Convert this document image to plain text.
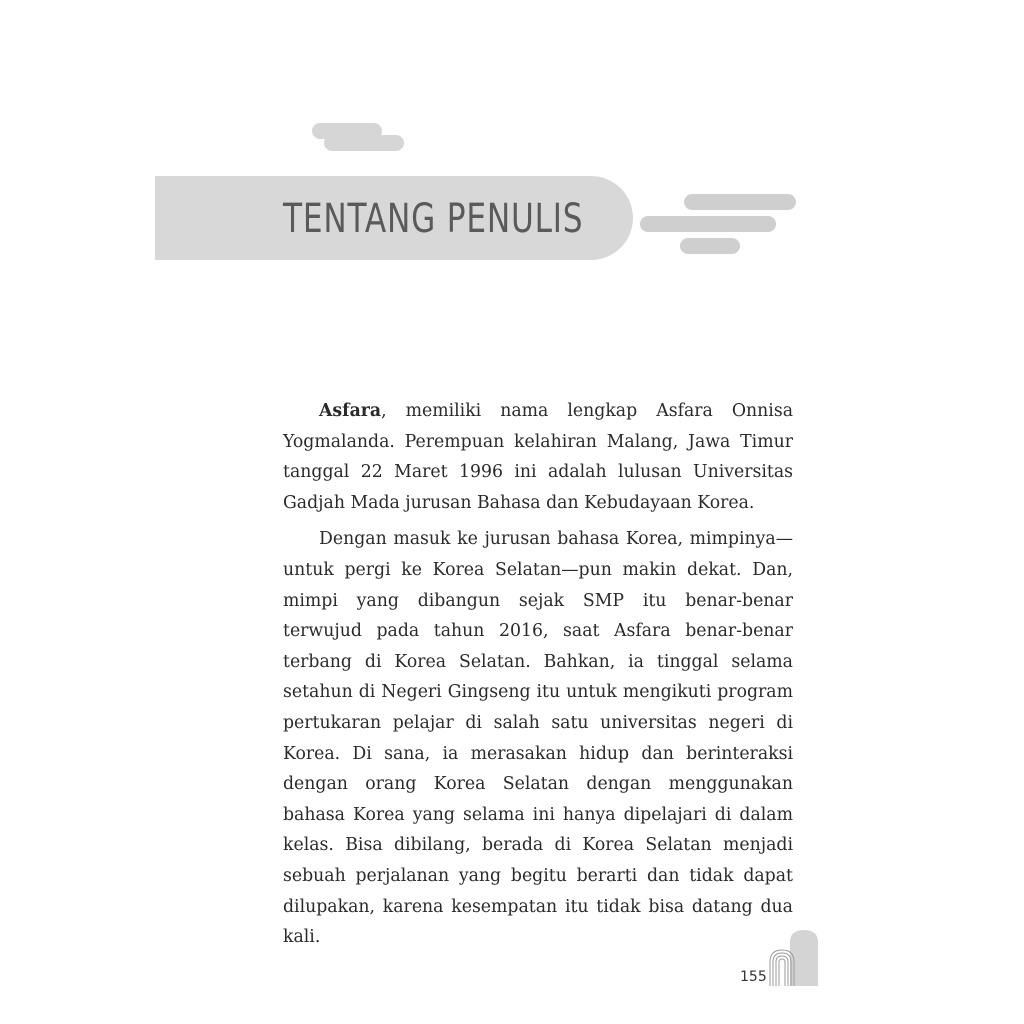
TENTANG PENULIS

Asfara, memiliki nama lengkap Asfara Onnisa Yogmalanda. Perempuan kelahiran Malang, Jawa Timur tanggal 22 Maret 1996 ini adalah lulusan Universitas Gadjah Mada jurusan Bahasa dan Kebudayaan Korea.

Dengan masuk ke jurusan bahasa Korea, mimpinya—untuk pergi ke Korea Selatan—pun makin dekat. Dan, mimpi yang dibangun sejak SMP itu benar-benar terwujud pada tahun 2016, saat Asfara benar-benar terbang di Korea Selatan. Bahkan, ia tinggal selama setahun di Negeri Gingseng itu untuk mengikuti program pertukaran pelajar di salah satu universitas negeri di Korea. Di sana, ia merasakan hidup dan berinteraksi dengan orang Korea Selatan dengan menggunakan bahasa Korea yang selama ini hanya dipelajari di dalam kelas. Bisa dibilang, berada di Korea Selatan menjadi sebuah perjalanan yang begitu berarti dan tidak dapat dilupakan, karena kesempatan itu tidak bisa datang dua kali.

155
